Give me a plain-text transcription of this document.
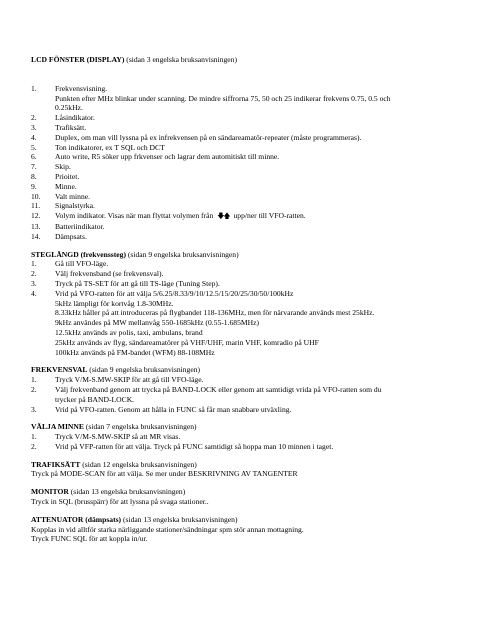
LCD FÖNSTER (DISPLAY) (sidan 3 engelska bruksanvisningen)

1.	Frekvensvisning.
Punkten efter MHz blinkar under scanning. De mindre siffrorna 75, 50 och 25 indikerar frekvens 0.75, 0.5 och
0.25kHz.
2.	Låsindikator.
3.	Trafiksätt.
4.	Duplex, om man vill lyssna på ex infrekvensen på en sändareamatör-repeater (måste programmeras).
5.	Ton indikatorer, ex T SQL och DCT
6.	Auto write, R5 söker upp frkvenser och lagrar dem automitiskt till minne.
7.	Skip.
8.	Prioitet.
9.	Minne.
10.	Valt minne.
11.	Signalstyrka.
12.	Volym indikator. Visas när man flyttat volymen från 🡇🡅 upp/ner till VFO-ratten.
13.	Batteriindikator.
14.	Dämpsats.

STEGLÄNGD (frekvenssteg) (sidan 9 engelska bruksanvisningen)

1.	Gå till VFO-läge.
2.	Välj frekvensband (se frekvensval).
3.	Tryck på TS-SET för att gå till TS-läge (Tuning Step).
4.	Vrid på VFO-ratten för att välja 5/6.25/8.33/9/10/12.5/15/20/25/30/50/100kHz
5kHz lämpligt för kortvåg 1.8-30MHz.
8.33kHz håller på att introduceras på flygbandet 118-136MHz, men för närvarande används mest 25kHz.
9kHz användes på MW mellanvåg 550-1685kHz (0.55-1.685MHz)
12.5kHz används av polis, taxi, ambulans, brand
25kHz används av flyg, sändareamatörer på VHF/UHF, marin VHF, komradio på UHF
100kHz används på FM-bandet (WFM) 88-108MHz

FREKVENSVAL (sidan 9 engelska bruksanvisningen)

1.	Tryck V/M-S.MW-SKIP för att gå till VFO-läge.
2.	Välj frekvenband genom att trycka på BAND-LOCK eller genom att samtidigt vrida på VFO-ratten som du
trycker på BAND-LOCK.
3.	Vrid på VFO-ratten. Genom att hålla in FUNC så får man snabbare utväxling.

VÄLJA MINNE (sidan 7 engelska bruksanvisningen)

1.	Tryck V/M-S.MW-SKIP så att MR visas.
2.	Vrid på VFP-ratten för att välja. Tryck på FUNC samtidigt så hoppa man 10 minnen i taget.

TRAFIKSÄTT (sidan 12 engelska bruksanvisningen)

Tryck på MODE-SCAN för att välja. Se mer under BESKRIVNING AV TANGENTER

MONITOR (sidan 13 engelska bruksanvisningen)

Tryck in SQL (brusspärr) för att lyssna på svaga stationer..

ATTENUATOR (dämpsats) (sidan 13 engelska bruksanvisningen)

Kopplas in vid alltför starka närliggande stationer/sändningar spm stör annan mottagning.

Tryck FUNC SQL för att koppla in/ur.
